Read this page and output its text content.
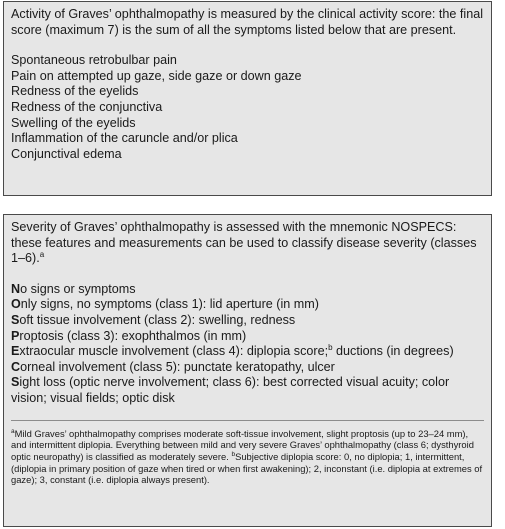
Activity of Graves’ ophthalmopathy is measured by the clinical activity score: the final score (maximum 7) is the sum of all the symptoms listed below that are present.

Spontaneous retrobulbar pain
Pain on attempted up gaze, side gaze or down gaze
Redness of the eyelids
Redness of the conjunctiva
Swelling of the eyelids
Inflammation of the caruncle and/or plica
Conjunctival edema

Severity of Graves’ ophthalmopathy is assessed with the mnemonic NOSPECS: these features and measurements can be used to classify disease severity (classes 1–6).$^a$

No signs or symptoms
Only signs, no symptoms (class 1): lid aperture (in mm)
Soft tissue involvement (class 2): swelling, redness
Proptosis (class 3): exophthalmos (in mm)
Extraocular muscle involvement (class 4): diplopia score;$^b$ ductions (in degrees)
Corneal involvement (class 5): punctate keratopathy, ulcer
Sight loss (optic nerve involvement; class 6): best corrected visual acuity; color vision; visual fields; optic disk
$^a$Mild Graves’ ophthalmopathy comprises moderate soft-tissue involvement, slight proptosis (up to 23–24 mm), and intermittent diplopia. Everything between mild and very severe Graves’ ophthalmopathy (class 6; dysthyroid optic neuropathy) is classified as moderately severe. $^b$Subjective diplopia score: 0, no diplopia; 1, intermittent, (diplopia in primary position of gaze when tired or when first awakening); 2, inconstant (i.e. diplopia at extremes of gaze); 3, constant (i.e. diplopia always present).
